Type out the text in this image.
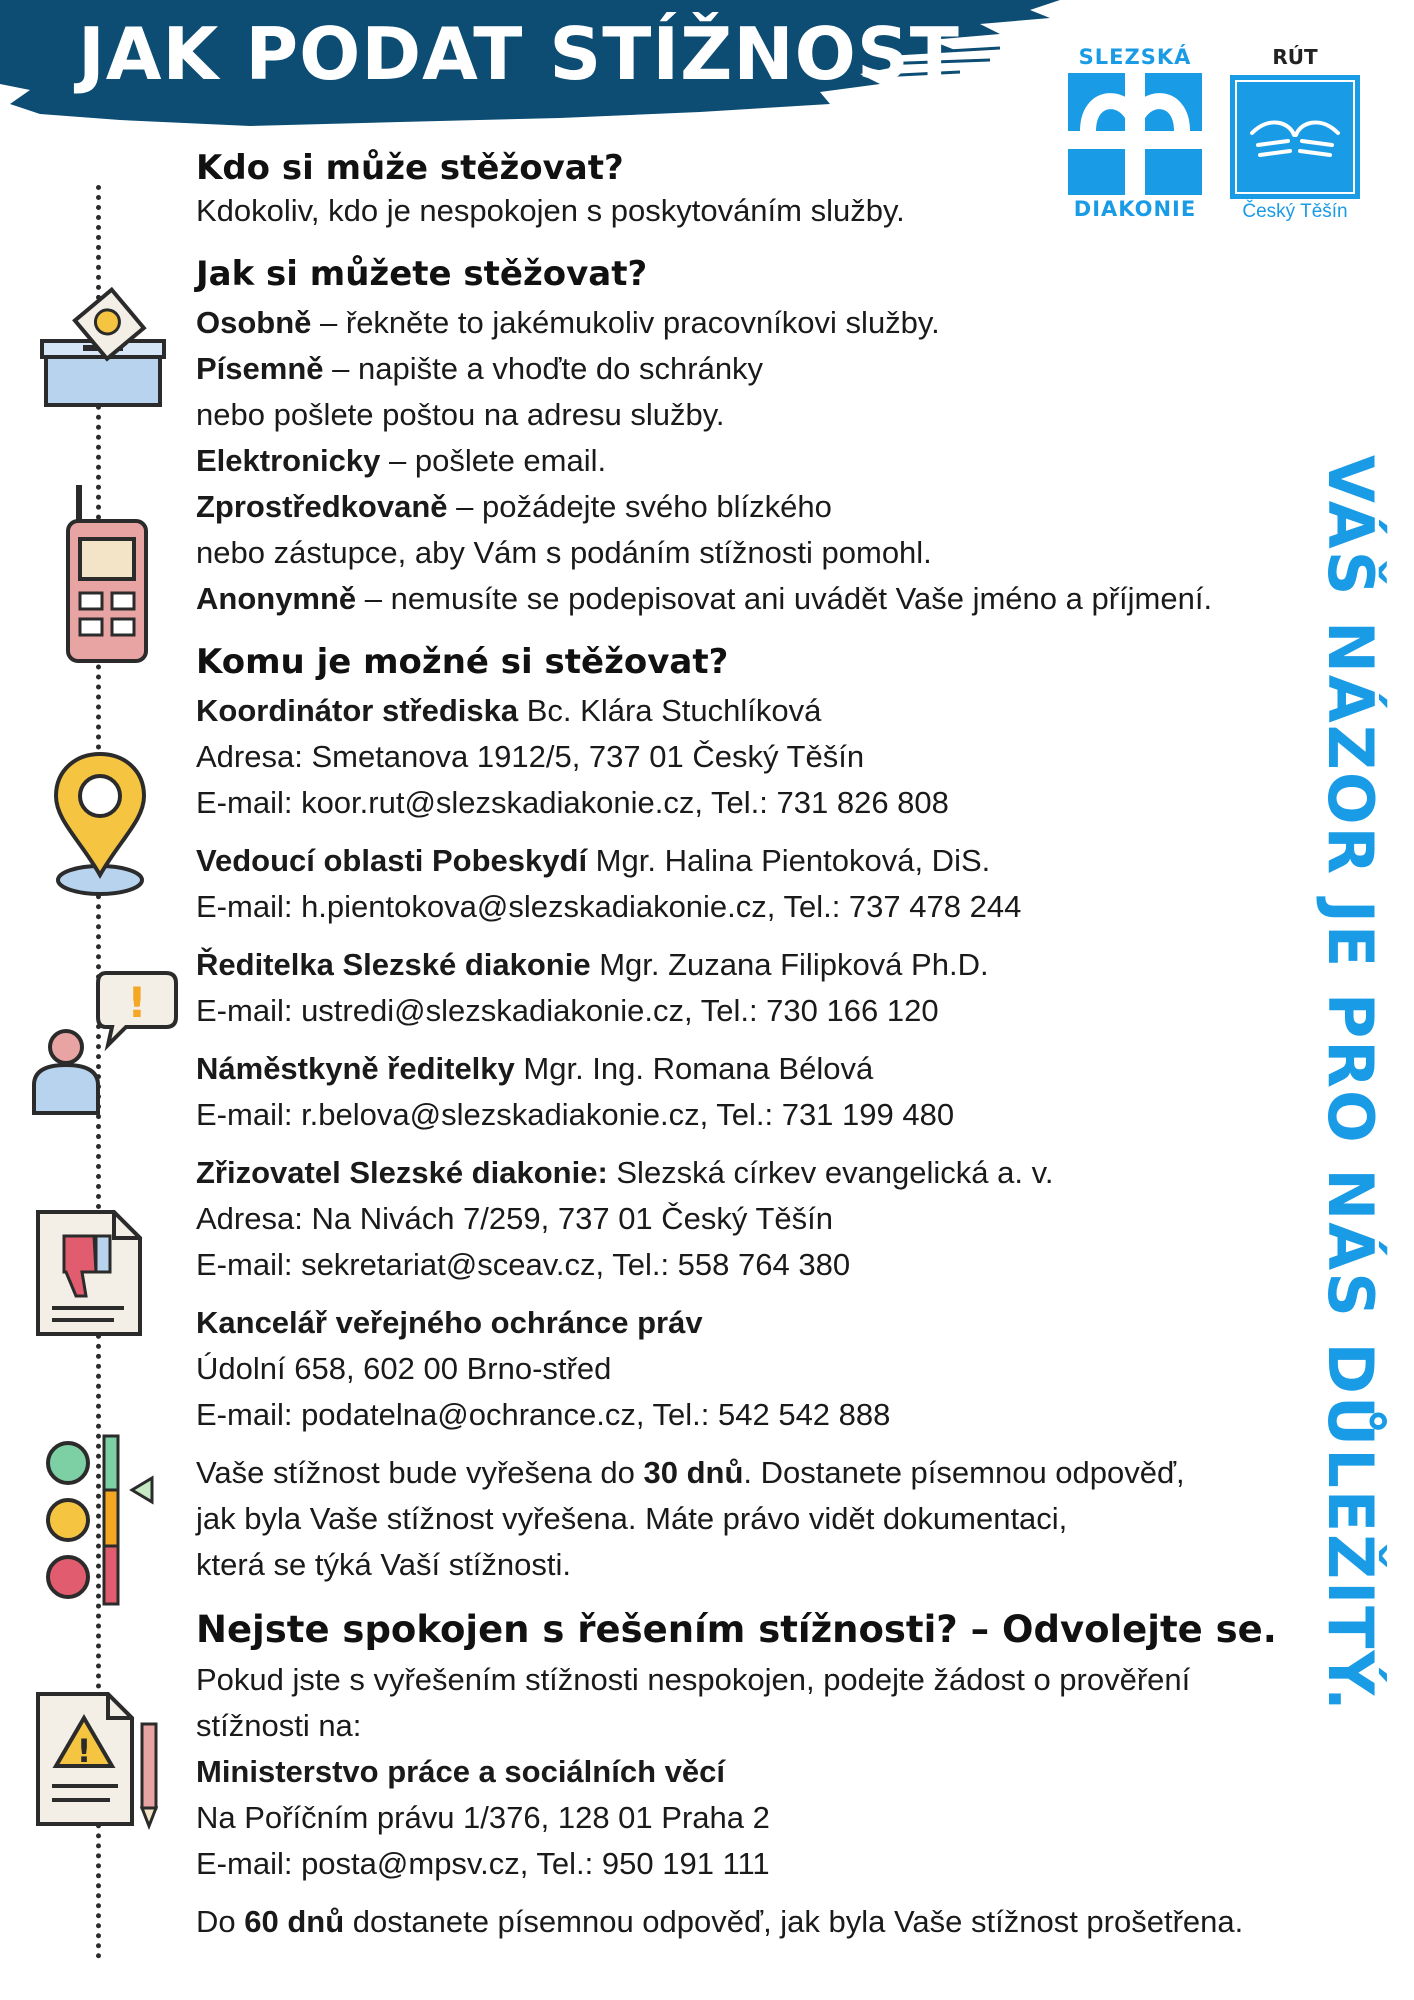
JAK PODAT STÍŽNOST	SLEZSKÁ
DIAKONIE
RÚT
Český Těšín
VÁŠ NÁZOR JE PRO NÁS DŮLEŽITÝ.
!
!
Kdo si může stěžovat?

Kdokoliv, kdo je nespokojen s poskytováním služby.

Jak si můžete stěžovat?

Osobně – řekněte to jakémukoliv pracovníkovi služby.

Písemně – napište a vhoďte do schránky

nebo pošlete poštou na adresu služby.

Elektronicky – pošlete email.

Zprostředkovaně – požádejte svého blízkého

nebo zástupce, aby Vám s podáním stížnosti pomohl.

Anonymně – nemusíte se podepisovat ani uvádět Vaše jméno a příjmení.

Komu je možné si stěžovat?

Koordinátor střediska Bc. Klára Stuchlíková

Adresa: Smetanova 1912/5, 737 01 Český Těšín

E-mail: koor.rut@slezskadiakonie.cz, Tel.: 731 826 808

Vedoucí oblasti Pobeskydí Mgr. Halina Pientoková, DiS.

E-mail: h.pientokova@slezskadiakonie.cz, Tel.: 737 478 244

Ředitelka Slezské diakonie Mgr. Zuzana Filipková Ph.D.

E-mail: ustredi@slezskadiakonie.cz, Tel.: 730 166 120

Náměstkyně ředitelky Mgr. Ing. Romana Bélová

E-mail: r.belova@slezskadiakonie.cz, Tel.: 731 199 480

Zřizovatel Slezské diakonie: Slezská církev evangelická a. v.

Adresa: Na Nivách 7/259, 737 01 Český Těšín

E-mail: sekretariat@sceav.cz, Tel.: 558 764 380

Kancelář veřejného ochránce práv

Údolní 658, 602 00 Brno-střed

E-mail: podatelna@ochrance.cz, Tel.: 542 542 888

Vaše stížnost bude vyřešena do 30 dnů. Dostanete písemnou odpověď,

jak byla Vaše stížnost vyřešena. Máte právo vidět dokumentaci,

která se týká Vaší stížnosti.

Nejste spokojen s řešením stížnosti? – Odvolejte se.

Pokud jste s vyřešením stížnosti nespokojen, podejte žádost o prověření

stížnosti na:

Ministerstvo práce a sociálních věcí

Na Poříčním právu 1/376, 128 01 Praha 2

E-mail: posta@mpsv.cz, Tel.: 950 191 111

Do 60 dnů dostanete písemnou odpověď, jak byla Vaše stížnost prošetřena.
